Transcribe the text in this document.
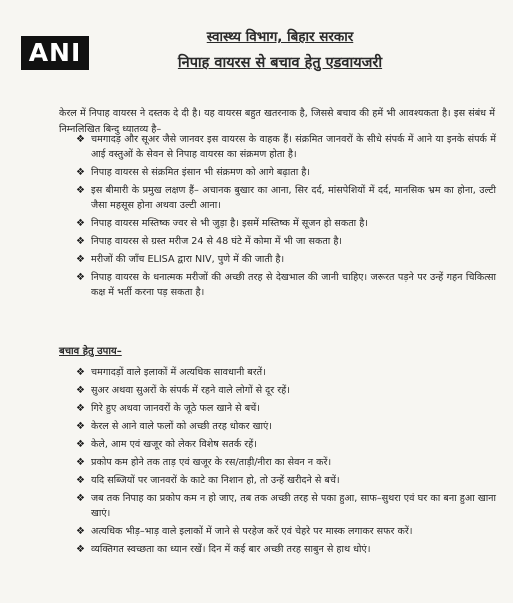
ANI
स्वास्थ्य विभाग, बिहार सरकार
निपाह वायरस से बचाव हेतु एडवायजरी

केरल में निपाह वायरस ने दस्तक दे दी है। यह वायरस बहुत खतरनाक है, जिससे बचाव की हमें भी आवश्यकता है। इस संबंध में निम्नलिखित बिन्दु ध्यातव्य है–

❖ चमगादड़ और सूअर जैसे जानवर इस वायरस के वाहक हैं। संक्रमित जानवरों के सीधे संपर्क में आने या इनके संपर्क में आई वस्तुओं के सेवन से निपाह वायरस का संक्रमण होता है।
❖ निपाह वायरस से संक्रमित इंसान भी संक्रमण को आगे बढ़ाता है।
❖ इस बीमारी के प्रमुख लक्षण हैं– अचानक बुखार का आना, सिर दर्द, मांसपेशियों में दर्द, मानसिक भ्रम का होना, उल्टी जैसा महसूस होना अथवा उल्टी आना।
❖ निपाह वायरस मस्तिष्क ज्वर से भी जुड़ा है। इसमें मस्तिष्क में सूजन हो सकता है।
❖ निपाह वायरस से ग्रस्त मरीज 24 से 48 घंटे में कोमा में भी जा सकता है।
❖ मरीजों की जाँच ELISA द्वारा NIV, पुणे में की जाती है।
❖ निपाह वायरस के धनात्मक मरीजों की अच्छी तरह से देखभाल की जानी चाहिए। जरूरत पड़ने पर उन्हें गहन चिकित्सा कक्ष में भर्ती करना पड़ सकता है।
बचाव हेतु उपाय–
❖ चमगादड़ों वाले इलाकों में अत्यधिक सावधानी बरतें।
❖ सुअर अथवा सुअरों के संपर्क में रहने वाले लोगों से दूर रहें।
❖ गिरे हुए अथवा जानवरों के जूठे फल खाने से बचें।
❖ केरल से आने वाले फलों को अच्छी तरह धोकर खाएं।
❖ केले, आम एवं खजूर को लेकर विशेष सतर्क रहें।
❖ प्रकोप कम होने तक ताड़ एवं खजूर के रस/ताड़ी/नीरा का सेवन न करें।
❖ यदि सब्जियों पर जानवरों के काटे का निशान हो, तो उन्हें खरीदने से बचें।
❖ जब तक निपाह का प्रकोप कम न हो जाए, तब तक अच्छी तरह से पका हुआ, साफ–सुथरा एवं घर का बना हुआ खाना खाएं।
❖ अत्यधिक भीड़–भाड़ वाले इलाकों में जाने से परहेज करें एवं चेहरे पर मास्क लगाकर सफर करें।
❖ व्यक्तिगत स्वच्छता का ध्यान रखें। दिन में कई बार अच्छी तरह साबुन से हाथ धोएं।
